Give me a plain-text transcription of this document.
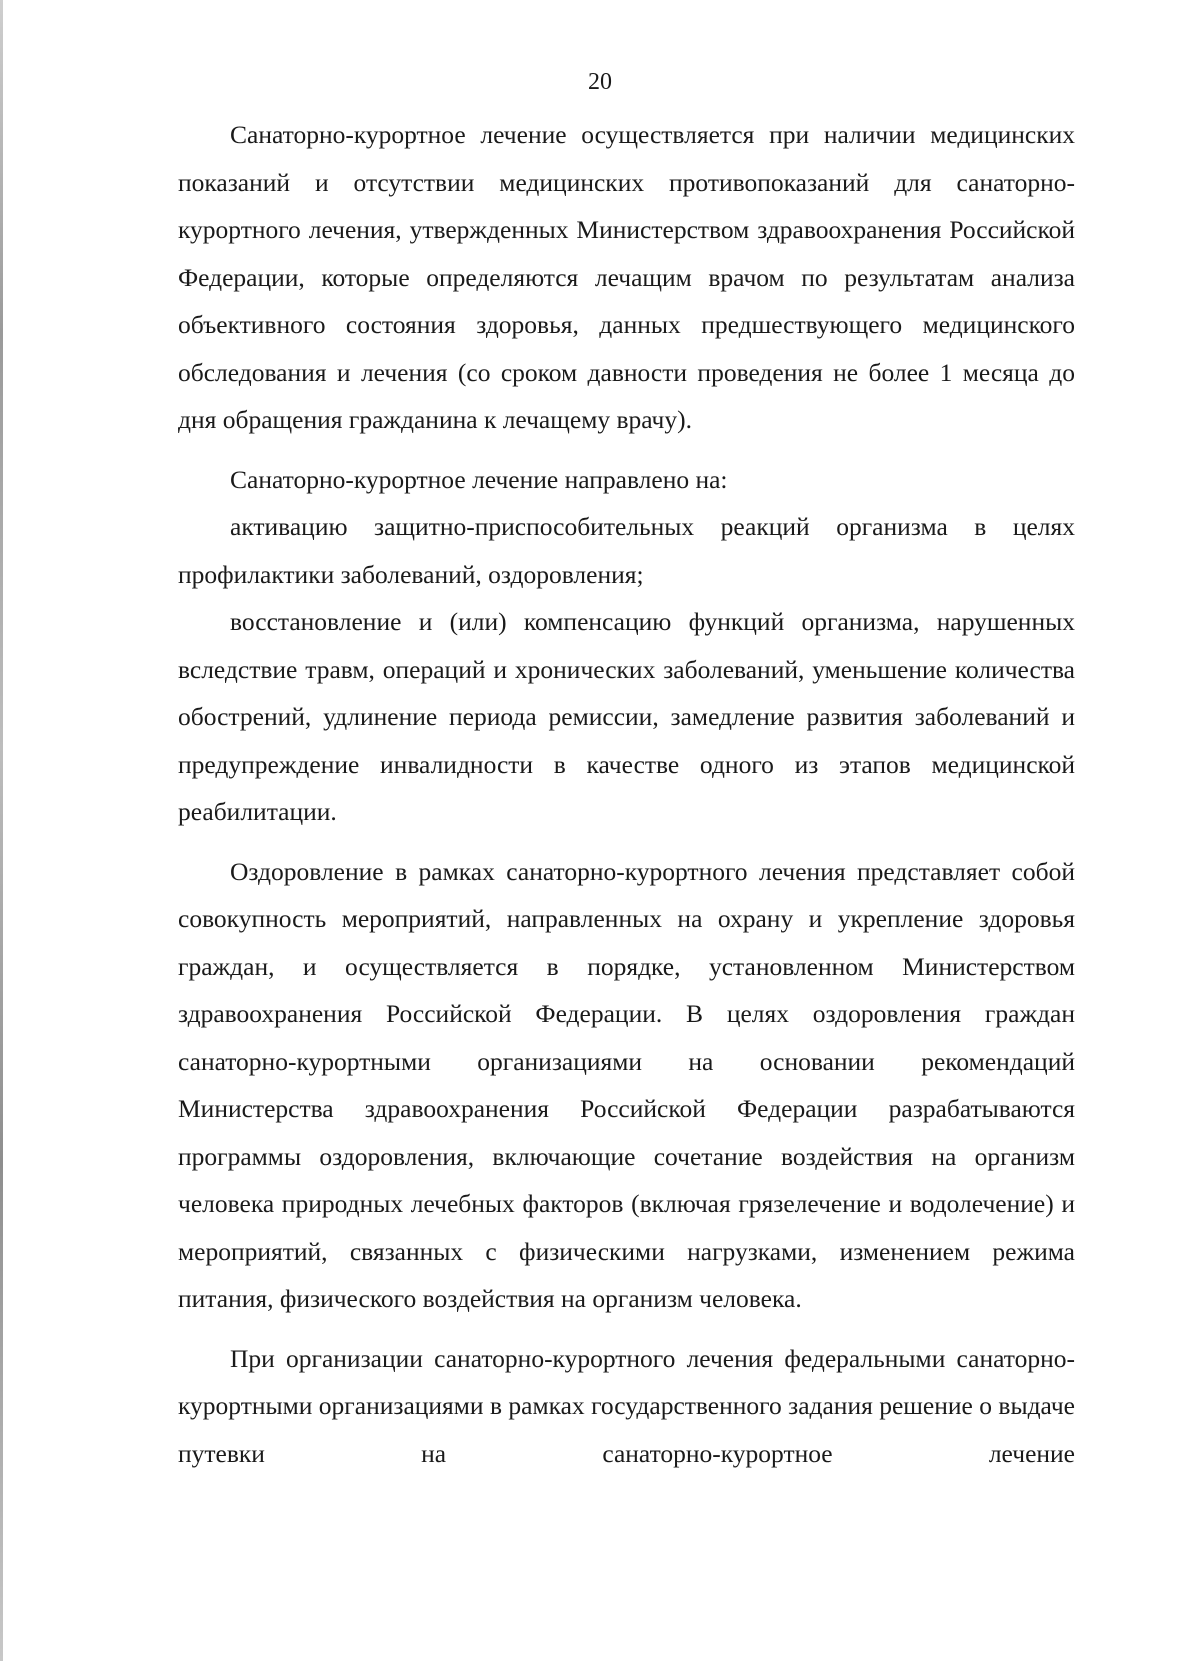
20

Санаторно-курортное лечение осуществляется при наличии медицинских показаний и отсутствии медицинских противопоказаний для санаторно-курортного лечения, утвержденных Министерством здравоохранения Российской Федерации, которые определяются лечащим врачом по результатам анализа объективного состояния здоровья, данных предшествующего медицинского обследования и лечения (со сроком давности проведения не более 1 месяца до дня обращения гражданина к лечащему врачу).

Санаторно-курортное лечение направлено на:

активацию защитно-приспособительных реакций организма в целях профилактики заболеваний, оздоровления;

восстановление и (или) компенсацию функций организма, нарушенных вследствие травм, операций и хронических заболеваний, уменьшение количества обострений, удлинение периода ремиссии, замедление развития заболеваний и предупреждение инвалидности в качестве одного из этапов медицинской реабилитации.

Оздоровление в рамках санаторно-курортного лечения представляет собой совокупность мероприятий, направленных на охрану и укрепление здоровья граждан, и осуществляется в порядке, установленном Министерством здравоохранения Российской Федерации. В целях оздоровления граждан санаторно-курортными организациями на основании рекомендаций Министерства здравоохранения Российской Федерации разрабатываются программы оздоровления, включающие сочетание воздействия на организм человека природных лечебных факторов (включая грязелечение и водолечение) и мероприятий, связанных с физическими нагрузками, изменением режима питания, физического воздействия на организм человека.

При организации санаторно-курортного лечения федеральными санаторно-курортными организациями в рамках государственного задания решение о выдаче путевки на санаторно-курортное лечение
